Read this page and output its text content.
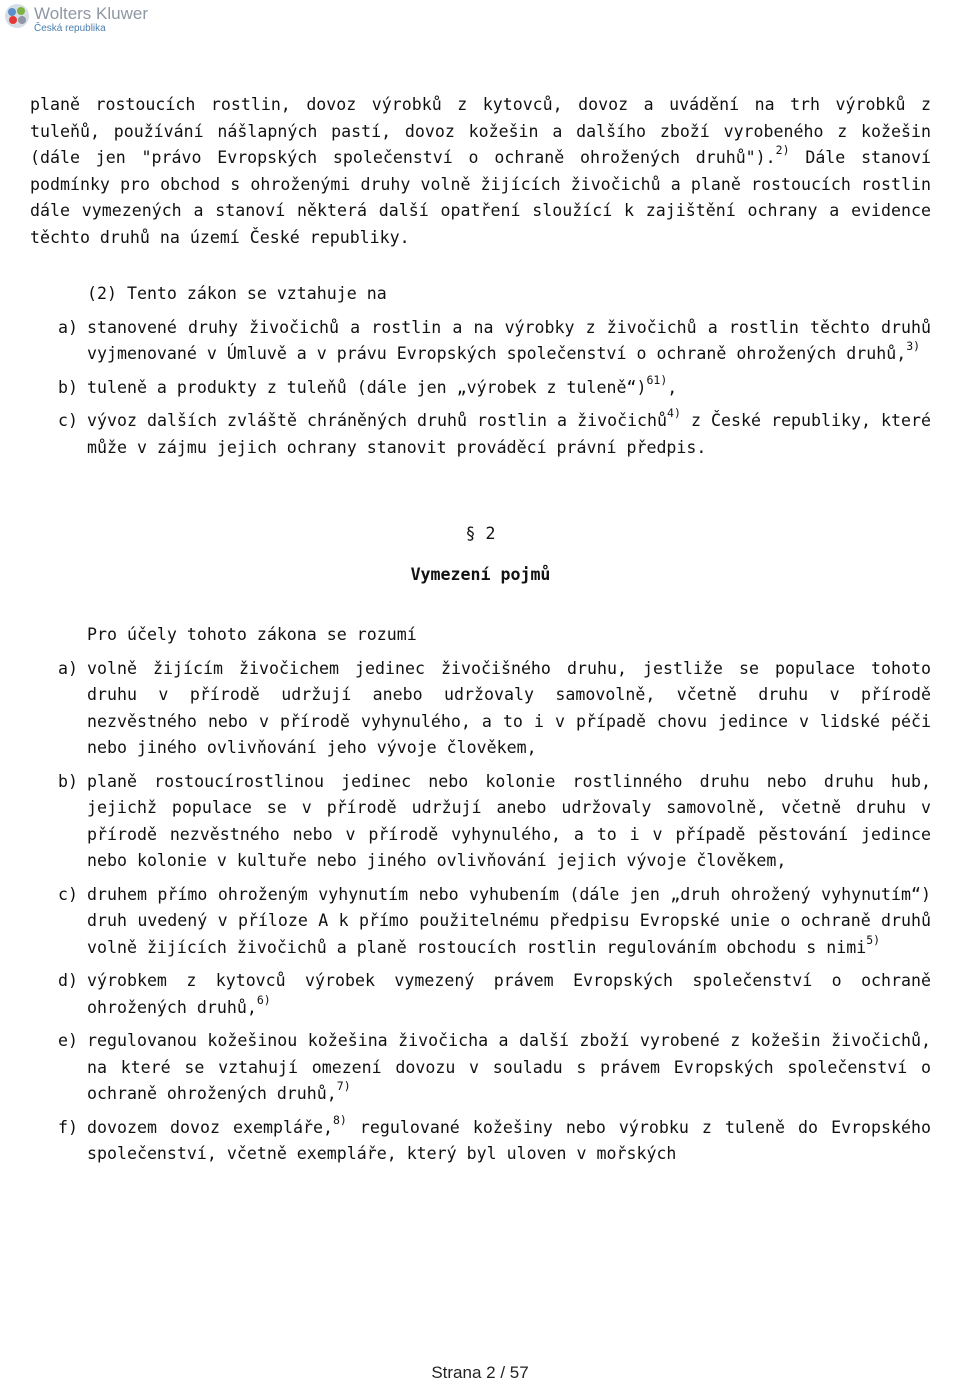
Wolters Kluwer
Česká republika

planě rostoucích rostlin, dovoz výrobků z kytovců, dovoz a uvádění na trh výrobků z tuleňů, používání nášlapných pastí, dovoz kožešin a dalšího zboží vyrobeného z kožešin (dále jen "právo Evropských společenství o ochraně ohrožených druhů").$^{2)}$ Dále stanoví podmínky pro obchod s ohroženými druhy volně žijících živočichů a planě rostoucích rostlin dále vymezených a stanoví některá další opatření sloužící k zajištění ochrany a evidence těchto druhů na území České republiky.

(2) Tento zákon se vztahuje na

a) stanovené druhy živočichů a rostlin a na výrobky z živočichů a rostlin těchto druhů vyjmenované v Úmluvě a v právu Evropských společenství o ochraně ohrožených druhů,$^{3)}$
b) tuleně a produkty z tuleňů (dále jen „výrobek z tuleně“)$^{61)}$,
c) vývoz dalších zvláště chráněných druhů rostlin a živočichů$^{4)}$ z České republiky, které může v zájmu jejich ochrany stanovit prováděcí právní předpis.
§ 2
Vymezení pojmů

Pro účely tohoto zákona se rozumí

a) volně žijícím živočichem jedinec živočišného druhu, jestliže se populace tohoto druhu v přírodě udržují anebo udržovaly samovolně, včetně druhu v přírodě nezvěstného nebo v přírodě vyhynulého, a to i v případě chovu jedince v lidské péči nebo jiného ovlivňování jeho vývoje člověkem,
b) planě rostoucírostlinou jedinec nebo kolonie rostlinného druhu nebo druhu hub, jejichž populace se v přírodě udržují anebo udržovaly samovolně, včetně druhu v přírodě nezvěstného nebo v přírodě vyhynulého, a to i v případě pěstování jedince nebo kolonie v kultuře nebo jiného ovlivňování jejich vývoje člověkem,
c) druhem přímo ohroženým vyhynutím nebo vyhubením (dále jen „druh ohrožený vyhynutím“) druh uvedený v příloze A k přímo použitelnému předpisu Evropské unie o ochraně druhů volně žijících živočichů a planě rostoucích rostlin regulováním obchodu s nimi$^{5)}$
d) výrobkem z kytovců výrobek vymezený právem Evropských společenství o ochraně ohrožených druhů,$^{6)}$
e) regulovanou kožešinou kožešina živočicha a další zboží vyrobené z kožešin živočichů, na které se vztahují omezení dovozu v souladu s právem Evropských společenství o ochraně ohrožených druhů,$^{7)}$
f) dovozem dovoz exempláře,$^{8)}$ regulované kožešiny nebo výrobku z tuleně do Evropského společenství, včetně exempláře, který byl uloven v mořských
Strana 2 / 57
